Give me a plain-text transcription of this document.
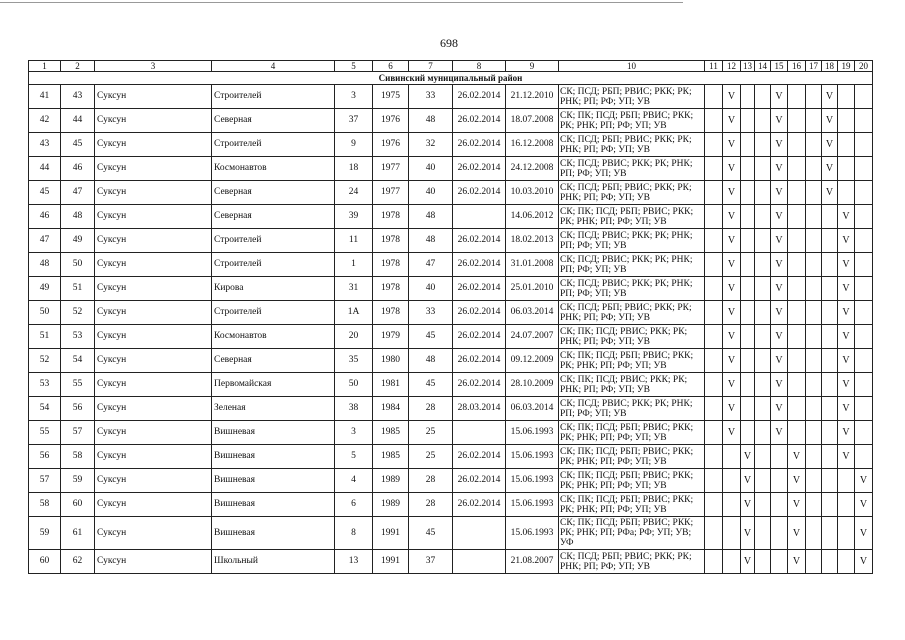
698
1	2	3	4	5	6	7	8	9	10	11	12	13	14	15	16	17	18	19	20
Сивинский муниципальный район																			
41	43	Суксун	Строителей	3	1975	33	26.02.2014	21.12.2010	СК; ПСД; РБП; РВИС; РКК; РК; РНК; РП; РФ; УП; УВ		V			V			V		
42	44	Суксун	Северная	37	1976	48	26.02.2014	18.07.2008	СК; ПК; ПСД; РБП; РВИС; РКК; РК; РНК; РП; РФ; УП; УВ		V			V			V		
43	45	Суксун	Строителей	9	1976	32	26.02.2014	16.12.2008	СК; ПСД; РБП; РВИС; РКК; РК; РНК; РП; РФ; УП; УВ		V			V			V		
44	46	Суксун	Космонавтов	18	1977	40	26.02.2014	24.12.2008	СК; ПСД; РВИС; РКК; РК; РНК; РП; РФ; УП; УВ		V			V			V		
45	47	Суксун	Северная	24	1977	40	26.02.2014	10.03.2010	СК; ПСД; РБП; РВИС; РКК; РК; РНК; РП; РФ; УП; УВ		V			V			V		
46	48	Суксун	Северная	39	1978	48		14.06.2012	СК; ПК; ПСД; РБП; РВИС; РКК; РК; РНК; РП; РФ; УП; УВ		V			V				V	
47	49	Суксун	Строителей	11	1978	48	26.02.2014	18.02.2013	СК; ПСД; РВИС; РКК; РК; РНК; РП; РФ; УП; УВ		V			V				V	
48	50	Суксун	Строителей	1	1978	47	26.02.2014	31.01.2008	СК; ПСД; РВИС; РКК; РК; РНК; РП; РФ; УП; УВ		V			V				V	
49	51	Суксун	Кирова	31	1978	40	26.02.2014	25.01.2010	СК; ПСД; РВИС; РКК; РК; РНК; РП; РФ; УП; УВ		V			V				V	
50	52	Суксун	Строителей	1А	1978	33	26.02.2014	06.03.2014	СК; ПСД; РБП; РВИС; РКК; РК; РНК; РП; РФ; УП; УВ		V			V				V	
51	53	Суксун	Космонавтов	20	1979	45	26.02.2014	24.07.2007	СК; ПК; ПСД; РВИС; РКК; РК; РНК; РП; РФ; УП; УВ		V			V				V	
52	54	Суксун	Северная	35	1980	48	26.02.2014	09.12.2009	СК; ПК; ПСД; РБП; РВИС; РКК; РК; РНК; РП; РФ; УП; УВ		V			V				V	
53	55	Суксун	Первомайская	50	1981	45	26.02.2014	28.10.2009	СК; ПК; ПСД; РВИС; РКК; РК; РНК; РП; РФ; УП; УВ		V			V				V	
54	56	Суксун	Зеленая	38	1984	28	28.03.2014	06.03.2014	СК; ПСД; РВИС; РКК; РК; РНК; РП; РФ; УП; УВ		V			V				V	
55	57	Суксун	Вишневая	3	1985	25		15.06.1993	СК; ПК; ПСД; РБП; РВИС; РКК; РК; РНК; РП; РФ; УП; УВ		V			V				V	
56	58	Суксун	Вишневая	5	1985	25	26.02.2014	15.06.1993	СК; ПК; ПСД; РБП; РВИС; РКК; РК; РНК; РП; РФ; УП; УВ			V			V			V	
57	59	Суксун	Вишневая	4	1989	28	26.02.2014	15.06.1993	СК; ПК; ПСД; РБП; РВИС; РКК; РК; РНК; РП; РФ; УП; УВ			V			V				V
58	60	Суксун	Вишневая	6	1989	28	26.02.2014	15.06.1993	СК; ПК; ПСД; РБП; РВИС; РКК; РК; РНК; РП; РФ; УП; УВ			V			V				V
59	61	Суксун	Вишневая	8	1991	45		15.06.1993	СК; ПК; ПСД; РБП; РВИС; РКК; РК; РНК; РП; РФа; РФ; УП; УВ; УФ			V			V				V
60	62	Суксун	Школьный	13	1991	37		21.08.2007	СК; ПСД; РБП; РВИС; РКК; РК; РНК; РП; РФ; УП; УВ			V			V				V
